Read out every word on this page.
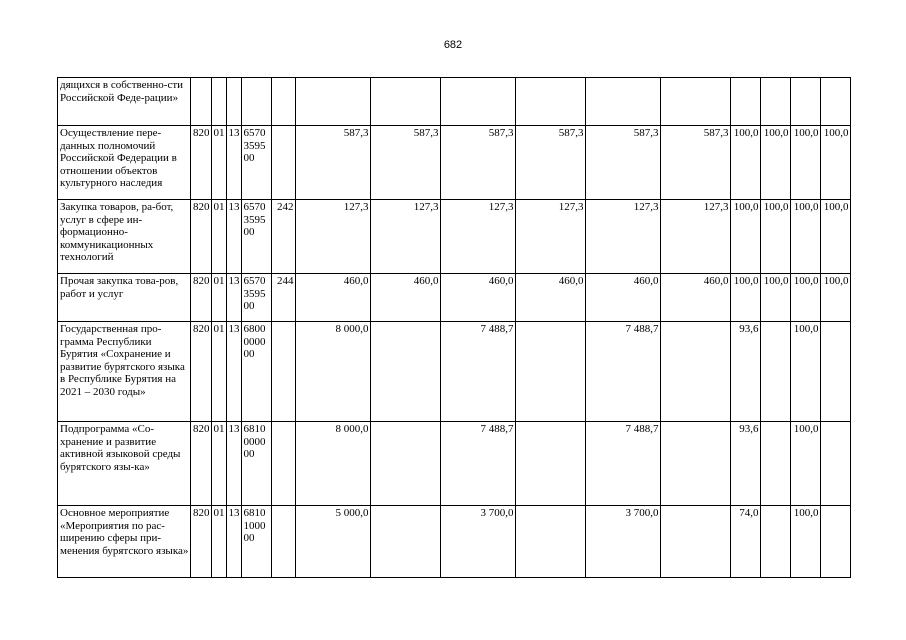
682
дящихся в собственно-сти Российской Феде-рации»															
Осуществление пере-данных полномочий Российской Федерации в отношении объектов культурного наследия	820	01	13	6570 3595 00		587,3	587,3	587,3	587,3	587,3	587,3	100,0	100,0	100,0	100,0
Закупка товаров, ра-бот, услуг в сфере ин-формационно-коммуникационных технологий	820	01	13	6570 3595 00	242	127,3	127,3	127,3	127,3	127,3	127,3	100,0	100,0	100,0	100,0
Прочая закупка това-ров, работ и услуг	820	01	13	6570 3595 00	244	460,0	460,0	460,0	460,0	460,0	460,0	100,0	100,0	100,0	100,0
Государственная про-грамма Республики Бурятия «Сохранение и развитие бурятского языка в Республике Бурятия на 2021 – 2030 годы»	820	01	13	6800 0000 00		8 000,0		7 488,7		7 488,7		93,6		100,0	
Подпрограмма «Со-хранение и развитие активной языковой среды бурятского язы-ка»	820	01	13	6810 0000 00		8 000,0		7 488,7		7 488,7		93,6		100,0	
Основное мероприятие «Мероприятия по рас-ширению сферы при-менения бурятского языка»	820	01	13	6810 1000 00		5 000,0		3 700,0		3 700,0		74,0		100,0	
